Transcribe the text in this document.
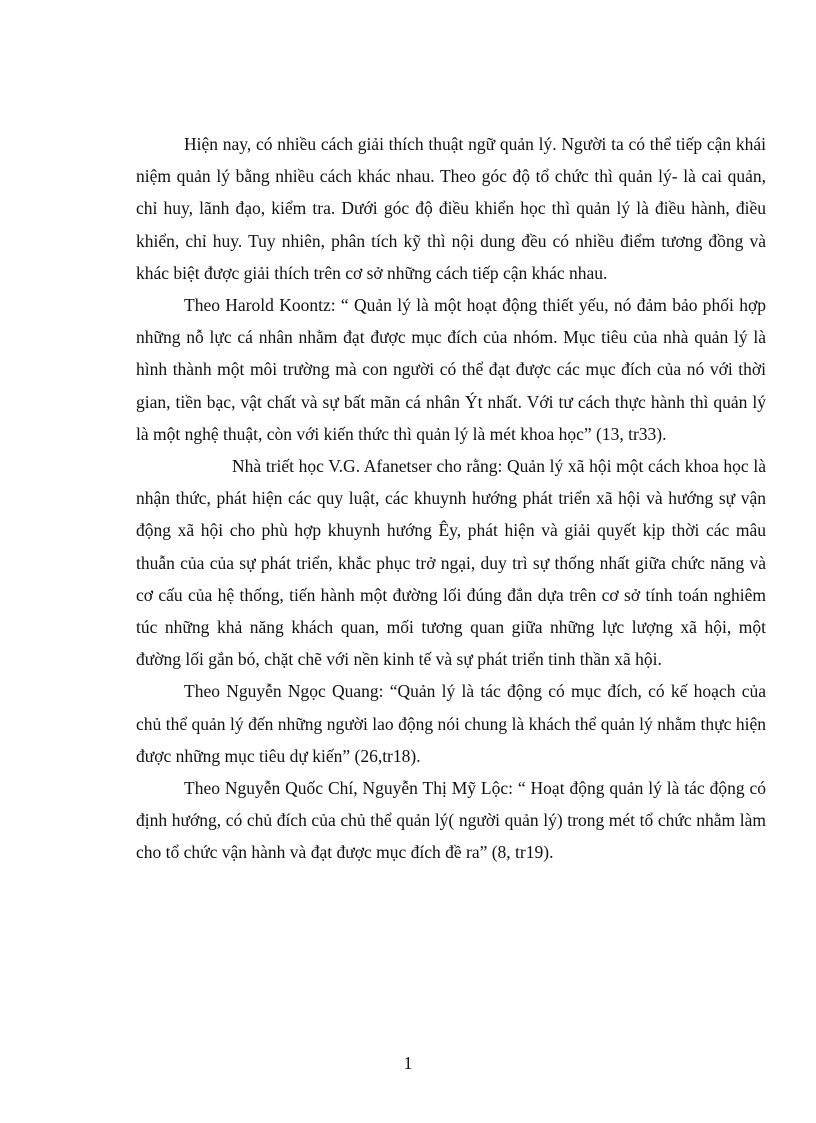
Hiện nay, có nhiều cách giải thích thuật ngữ quản lý. Người ta có thể tiếp cận khái niệm quản lý bằng nhiều cách khác nhau. Theo góc độ tổ chức thì quản lý- là cai quản, chỉ huy, lãnh đạo, kiểm tra. Dưới góc độ điều khiển học thì quản lý là điều hành, điều khiển, chỉ huy. Tuy nhiên, phân tích kỹ thì nội dung đều có nhiều điểm tương đồng và khác biệt được giải thích trên cơ sở những cách tiếp cận khác nhau.

Theo Harold Koontz: “ Quản lý là một hoạt động thiết yếu, nó đảm bảo phối hợp những nỗ lực cá nhân nhằm đạt được mục đích của nhóm. Mục tiêu của nhà quản lý là hình thành một môi trường mà con người có thể đạt được các mục đích của nó với thời gian, tiền bạc, vật chất và sự bất mãn cá nhân Ýt nhất. Với tư cách thực hành thì quản lý là một nghệ thuật, còn với kiến thức thì quản lý là mét khoa học” (13, tr33).

Nhà triết học V.G. Afanetser cho rằng: Quản lý xã hội một cách khoa học là nhận thức, phát hiện các quy luật, các khuynh hướng phát triển xã hội và hướng sự vận động xã hội cho phù hợp khuynh hướng Êy, phát hiện và giải quyết kịp thời các mâu thuẫn của của sự phát triển, khắc phục trở ngại, duy trì sự thống nhất giữa chức năng và cơ cấu của hệ thống, tiến hành một đường lối đúng đắn dựa trên cơ sở tính toán nghiêm túc những khả năng khách quan, mối tương quan giữa những lực lượng xã hội, một đường lối gắn bó, chặt chẽ với nền kinh tế và sự phát triển tinh thần xã hội.

Theo Nguyễn Ngọc Quang: “Quản lý là tác động có mục đích, có kế hoạch của chủ thể quản lý đến những người lao động nói chung là khách thể quản lý nhằm thực hiện được những mục tiêu dự kiến” (26,tr18).

Theo Nguyễn Quốc Chí, Nguyễn Thị Mỹ Lộc: “ Hoạt động quản lý là tác động có định hướng, có chủ đích của chủ thể quản lý( người quản lý) trong mét tổ chức nhằm làm cho tổ chức vận hành và đạt được mục đích đề ra” (8, tr19).

1
